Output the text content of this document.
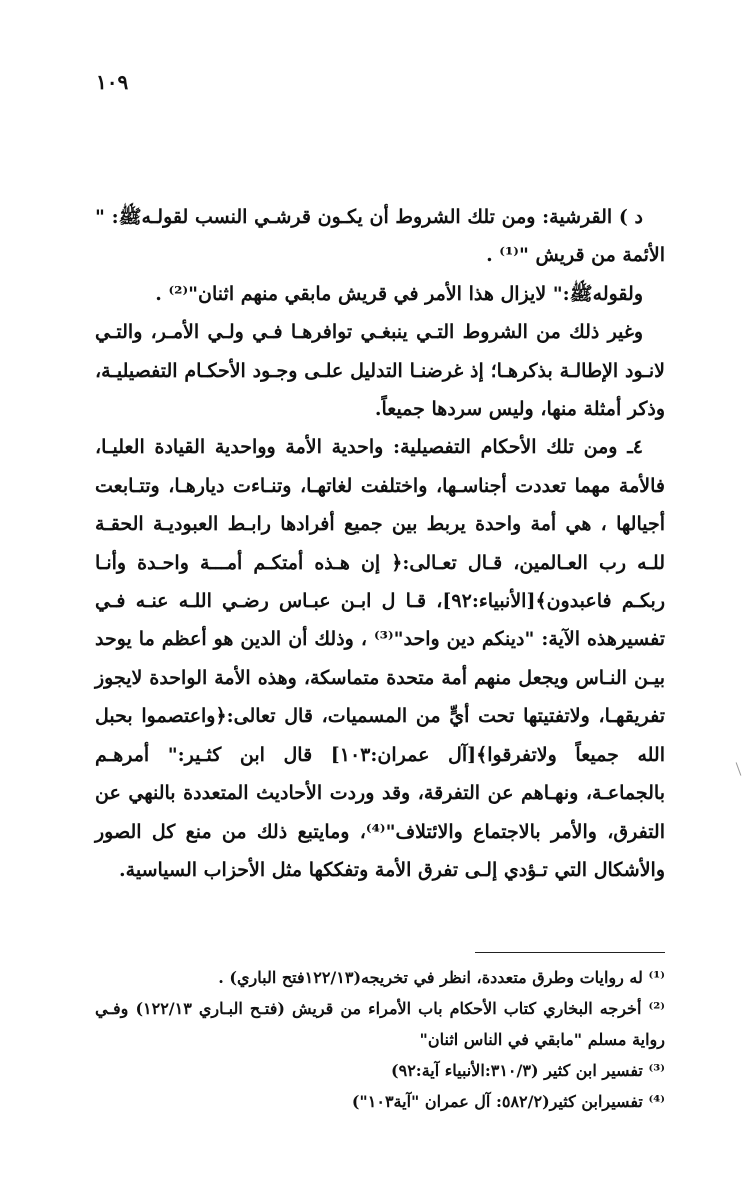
١٠٩

د ) القرشية: ومن تلك الشروط أن يكـون قرشـي النسب لقولـهﷺ: " الأئمة من قريش "⁽¹⁾ .

ولقولهﷺ:" لايزال هذا الأمر في قريش مابقي منهم اثنان"⁽²⁾ .

وغير ذلك من الشروط التـي ينبغـي توافرهـا فـي ولـي الأمـر، والتـي لانـود الإطالـة بذكرهـا؛ إذ غرضنـا التدليل علـى وجـود الأحكـام التفصيليـة، وذكر أمثلة منها، وليس سردها جميعاً.

٤ـ ومن تلك الأحكام التفصيلية: واحدية الأمة وواحدية القيادة العليـا، فالأمة مهما تعددت أجناسـها، واختلفت لغاتهـا، وتنـاءت ديارهـا، وتتـابعت أجيالها ، هي أمة واحدة يربط بين جميع أفرادها رابـط العبوديـة الحقـة للـه رب العـالمين، قـال تعـالى:﴿ إن هـذه أمتكـم أمـــة واحـدة وأنـا ربكـم فاعبدون﴾[الأنبياء:٩٢]، قـا ل ابـن عبـاس رضـي اللـه عنـه فـي تفسيرهذه الآية: "دينكم دين واحد"⁽³⁾ ، وذلك أن الدين هو أعظم ما يوحد بيـن النـاس ويجعل منهم أمة متحدة متماسكة، وهذه الأمة الواحدة لايجوز تفريقهـا، ولاتفتيتها تحت أيٍّ من المسميات، قال تعالى:﴿واعتصموا بحبل الله جميعاً ولاتفرقوا﴾[آل عمران:١٠٣] قال ابن كثـير:" أمرهـم بالجماعـة، ونهـاهم عن التفرقة، وقد وردت الأحاديث المتعددة بالنهي عن التفرق، والأمر بالاجتماع والائتلاف"⁽⁴⁾، ومايتبع ذلك من منع كل الصور والأشكال التي تـؤدي إلـى تفرق الأمة وتفككها مثل الأحزاب السياسية.

⁽¹⁾ له روايات وطرق متعددة، انظر في تخريجه(١٢٢/١٣فتح الباري) .

⁽²⁾ أخرجه البخاري كتاب الأحكام باب الأمراء من قريش (فتـح البـاري ١٢٢/١٣) وفـي رواية مسلم "مابقي في الناس اثنان"

⁽³⁾ تفسير ابن كثير (٣١٠/٣:الأنبياء آية:٩٢)

⁽⁴⁾ تفسيرابن كثير(٥٨٢/٢: آل عمران "آية١٠٣")
